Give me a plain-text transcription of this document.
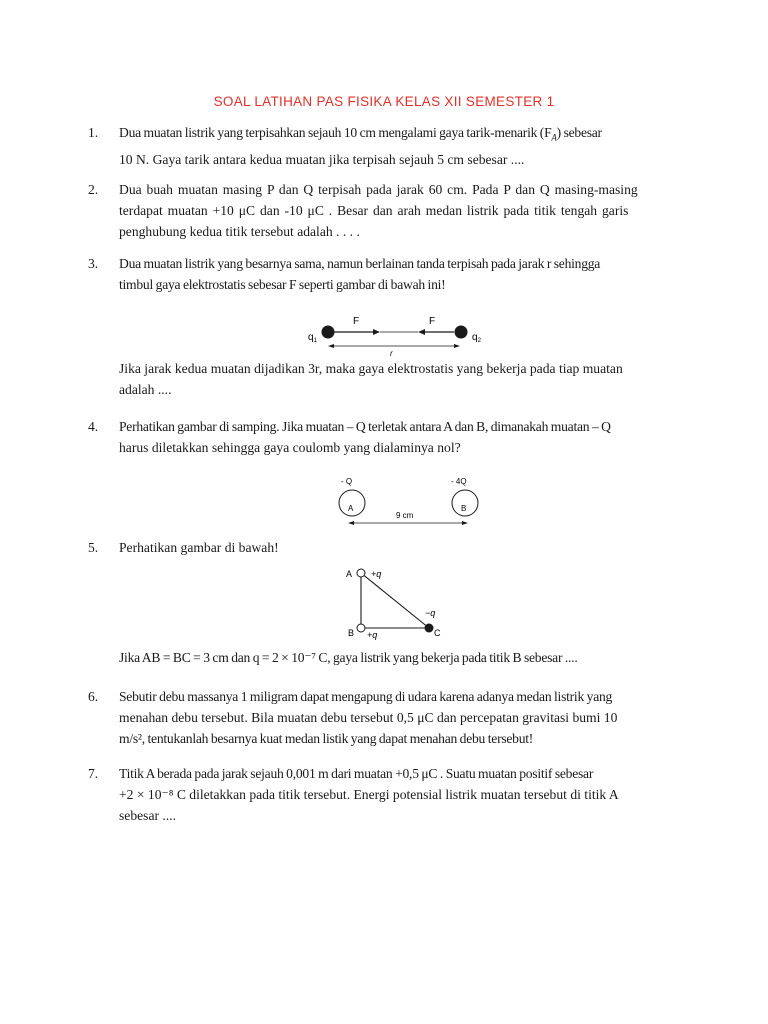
SOAL LATIHAN PAS FISIKA KELAS XII SEMESTER 1
1.	Dua muatan listrik yang terpisahkan sejauh 10 cm mengalami gaya tarik-menarik $(F_A)$ sebesar

10 N. Gaya tarik antara kedua muatan jika terpisah sejauh 5 cm sebesar ....

2.	Dua buah muatan masing P dan Q terpisah pada jarak 60 cm. Pada P dan Q masing-masing

terdapat muatan +10 μC dan -10 μC . Besar dan arah medan listrik pada titik tengah garis

penghubung kedua titik tersebut adalah . . . .

3.	Dua muatan listrik yang besarnya sama, namun berlainan tanda terpisah pada jarak r sehingga

timbul gaya elektrostatis sebesar F seperti gambar di bawah ini!

$q_1$
F	F
$q_2$
r

Jika jarak kedua muatan dijadikan 3r, maka gaya elektrostatis yang bekerja pada tiap muatan

adalah ....

4.	Perhatikan gambar di samping. Jika muatan – Q terletak antara A dan B, dimanakah muatan – Q

harus diletakkan sehingga gaya coulomb yang dialaminya nol?

- Q
A
- 4Q
B
9 cm
5.	Perhatikan gambar di bawah!

A +q
B +q	C
−q

Jika AB = BC = 3 cm dan q = 2 × 10⁻⁷ C, gaya listrik yang bekerja pada titik B sebesar ....

6.	Sebutir debu massanya 1 miligram dapat mengapung di udara karena adanya medan listrik yang

menahan debu tersebut. Bila muatan debu tersebut 0,5 μC dan percepatan gravitasi bumi 10

m/s², tentukanlah besarnya kuat medan listik yang dapat menahan debu tersebut!

7.	Titik A berada pada jarak sejauh 0,001 m dari muatan +0,5 μC . Suatu muatan positif sebesar

+2 × 10⁻⁸ C diletakkan pada titik tersebut. Energi potensial listrik muatan tersebut di titik A

sebesar ....
